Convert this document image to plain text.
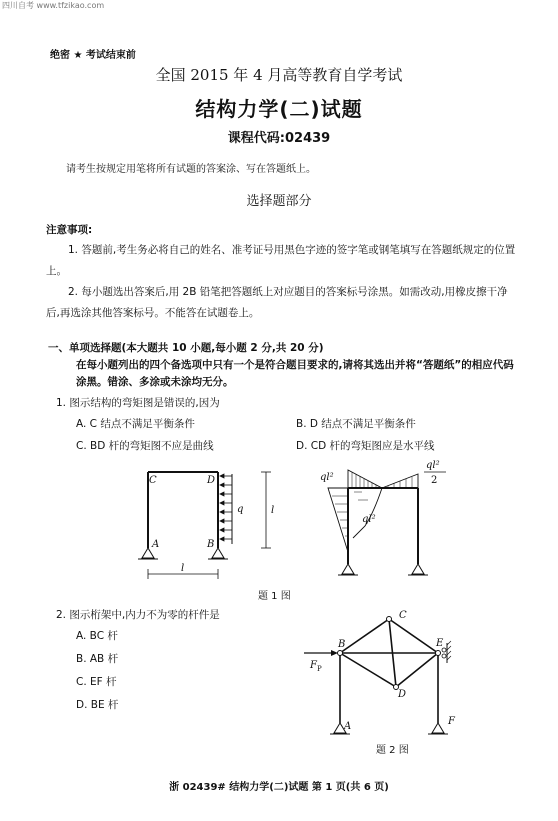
四川自考 www.tfzikao.com
绝密 ★ 考试结束前
全国 2015 年 4 月高等教育自学考试
结构力学(二)试题
课程代码:02439
请考生按规定用笔将所有试题的答案涂、写在答题纸上。
选择题部分
注意事项:
1. 答题前,考生务必将自己的姓名、准考证号用黑色字迹的签字笔或钢笔填写在答题纸规定的位置上。
2. 每小题选出答案后,用 2B 铅笔把答题纸上对应题目的答案标号涂黑。如需改动,用橡皮擦干净后,再选涂其他答案标号。不能答在试题卷上。
一、单项选择题(本大题共 10 小题,每小题 2 分,共 20 分)
在每小题列出的四个备选项中只有一个是符合题目要求的,请将其选出并将“答题纸”的相应代码涂黑。错涂、多涂或未涂均无分。
1. 图示结构的弯矩图是错误的,因为
A. C 结点不满足平衡条件	B. D 结点不满足平衡条件
C. BD 杆的弯矩图不应是曲线	D. CD 杆的弯矩图应是水平线
C	D
A	B
q
l
l
ql²
ql²
2
ql²
题 1 图
2. 图示桁架中,内力不为零的杆件是
A. BC 杆
B. AB 杆
C. EF 杆
D. BE 杆
B
C
E
D
A	F
F P
题 2 图
浙 02439# 结构力学(二)试题 第 1 页(共 6 页)
